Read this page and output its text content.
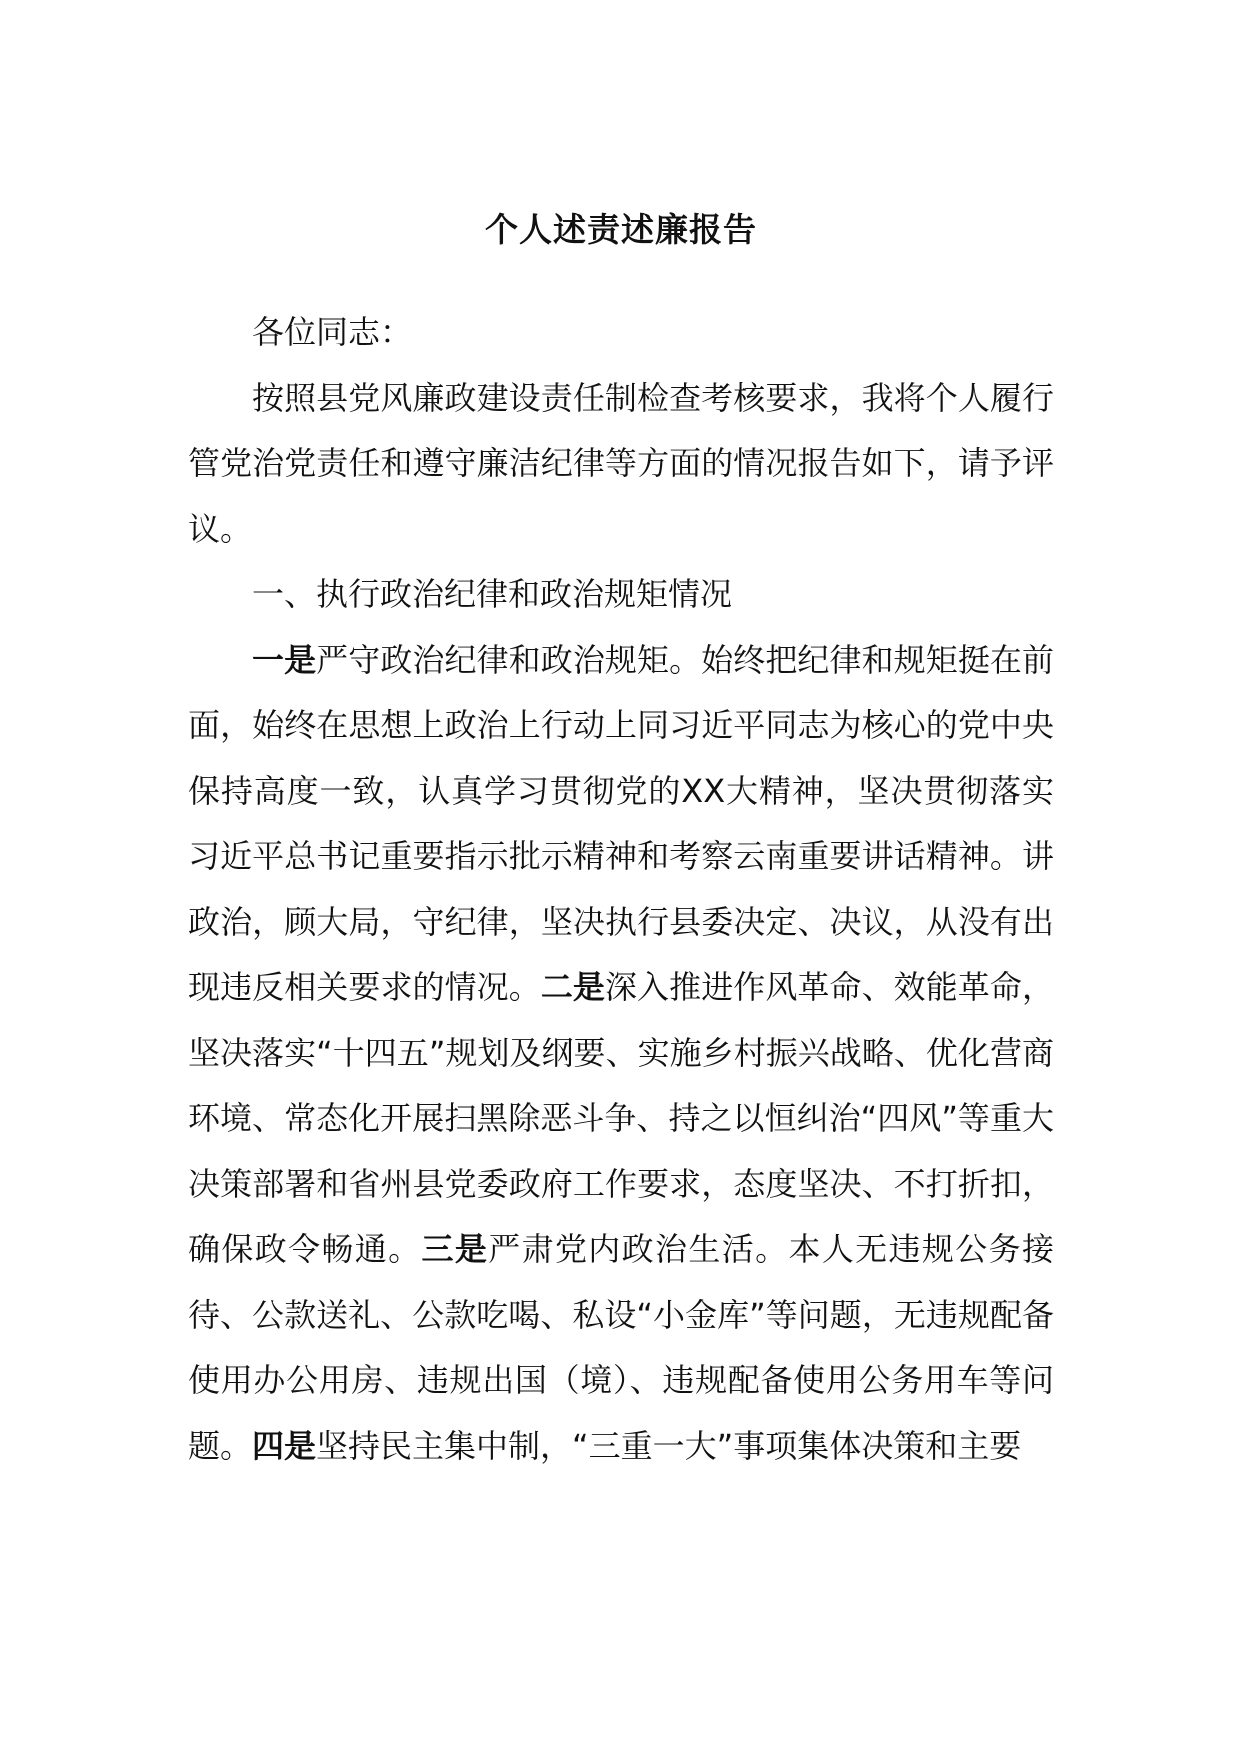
个人述责述廉报告

各位同志：

按照县党风廉政建设责任制检查考核要求，我将个人履行管党治党责任和遵守廉洁纪律等方面的情况报告如下，请予评议。

一、执行政治纪律和政治规矩情况

一是严守政治纪律和政治规矩。始终把纪律和规矩挺在前面，始终在思想上政治上行动上同习近平同志为核心的党中央保持高度一致，认真学习贯彻党的XX大精神，坚决贯彻落实习近平总书记重要指示批示精神和考察云南重要讲话精神。讲政治，顾大局，守纪律，坚决执行县委决定、决议，从没有出现违反相关要求的情况。二是深入推进作风革命、效能革命，坚决落实“十四五”规划及纲要、实施乡村振兴战略、优化营商环境、常态化开展扫黑除恶斗争、持之以恒纠治“四风”等重大决策部署和省州县党委政府工作要求，态度坚决、不打折扣，确保政令畅通。三是严肃党内政治生活。本人无违规公务接待、公款送礼、公款吃喝、私设“小金库”等问题，无违规配备使用办公用房、违规出国（境）、违规配备使用公务用车等问题。四是坚持民主集中制，“三重一大”事项集体决策和主要
